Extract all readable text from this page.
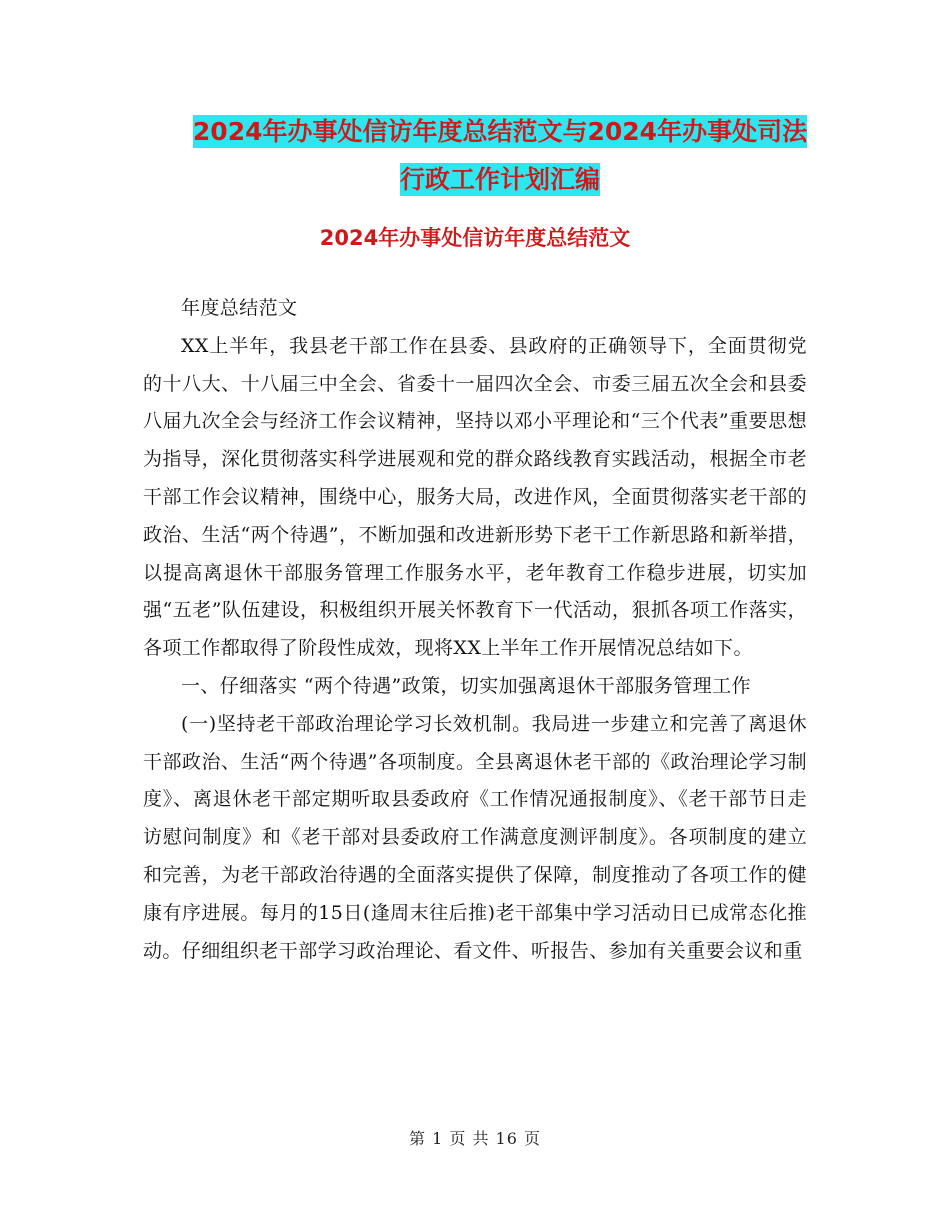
2024年办事处信访年度总结范文与2024年办事处司法
行政工作计划汇编
2024年办事处信访年度总结范文

年度总结范文

XX上半年，我县老干部工作在县委、县政府的正确领导下，全面贯彻党的十八大、十八届三中全会、省委十一届四次全会、市委三届五次全会和县委八届九次全会与经济工作会议精神，坚持以邓小平理论和“三个代表”重要思想为指导，深化贯彻落实科学进展观和党的群众路线教育实践活动，根据全市老干部工作会议精神，围绕中心，服务大局，改进作风，全面贯彻落实老干部的政治、生活“两个待遇”，不断加强和改进新形势下老干工作新思路和新举措，以提高离退休干部服务管理工作服务水平，老年教育工作稳步进展，切实加强“五老”队伍建设，积极组织开展关怀教育下一代活动，狠抓各项工作落实，各项工作都取得了阶段性成效，现将XX上半年工作开展情况总结如下。

一、仔细落实 “两个待遇”政策，切实加强离退休干部服务管理工作

(一)坚持老干部政治理论学习长效机制。我局进一步建立和完善了离退休干部政治、生活“两个待遇”各项制度。全县离退休老干部的《政治理论学习制度》、离退休老干部定期听取县委政府《工作情况通报制度》、《老干部节日走访慰问制度》和《老干部对县委政府工作满意度测评制度》。各项制度的建立和完善，为老干部政治待遇的全面落实提供了保障，制度推动了各项工作的健康有序进展。每月的15日(逢周末往后推)老干部集中学习活动日已成常态化推动。仔细组织老干部学习政治理论、看文件、听报告、参加有关重要会议和重

第 1 页 共 16 页
